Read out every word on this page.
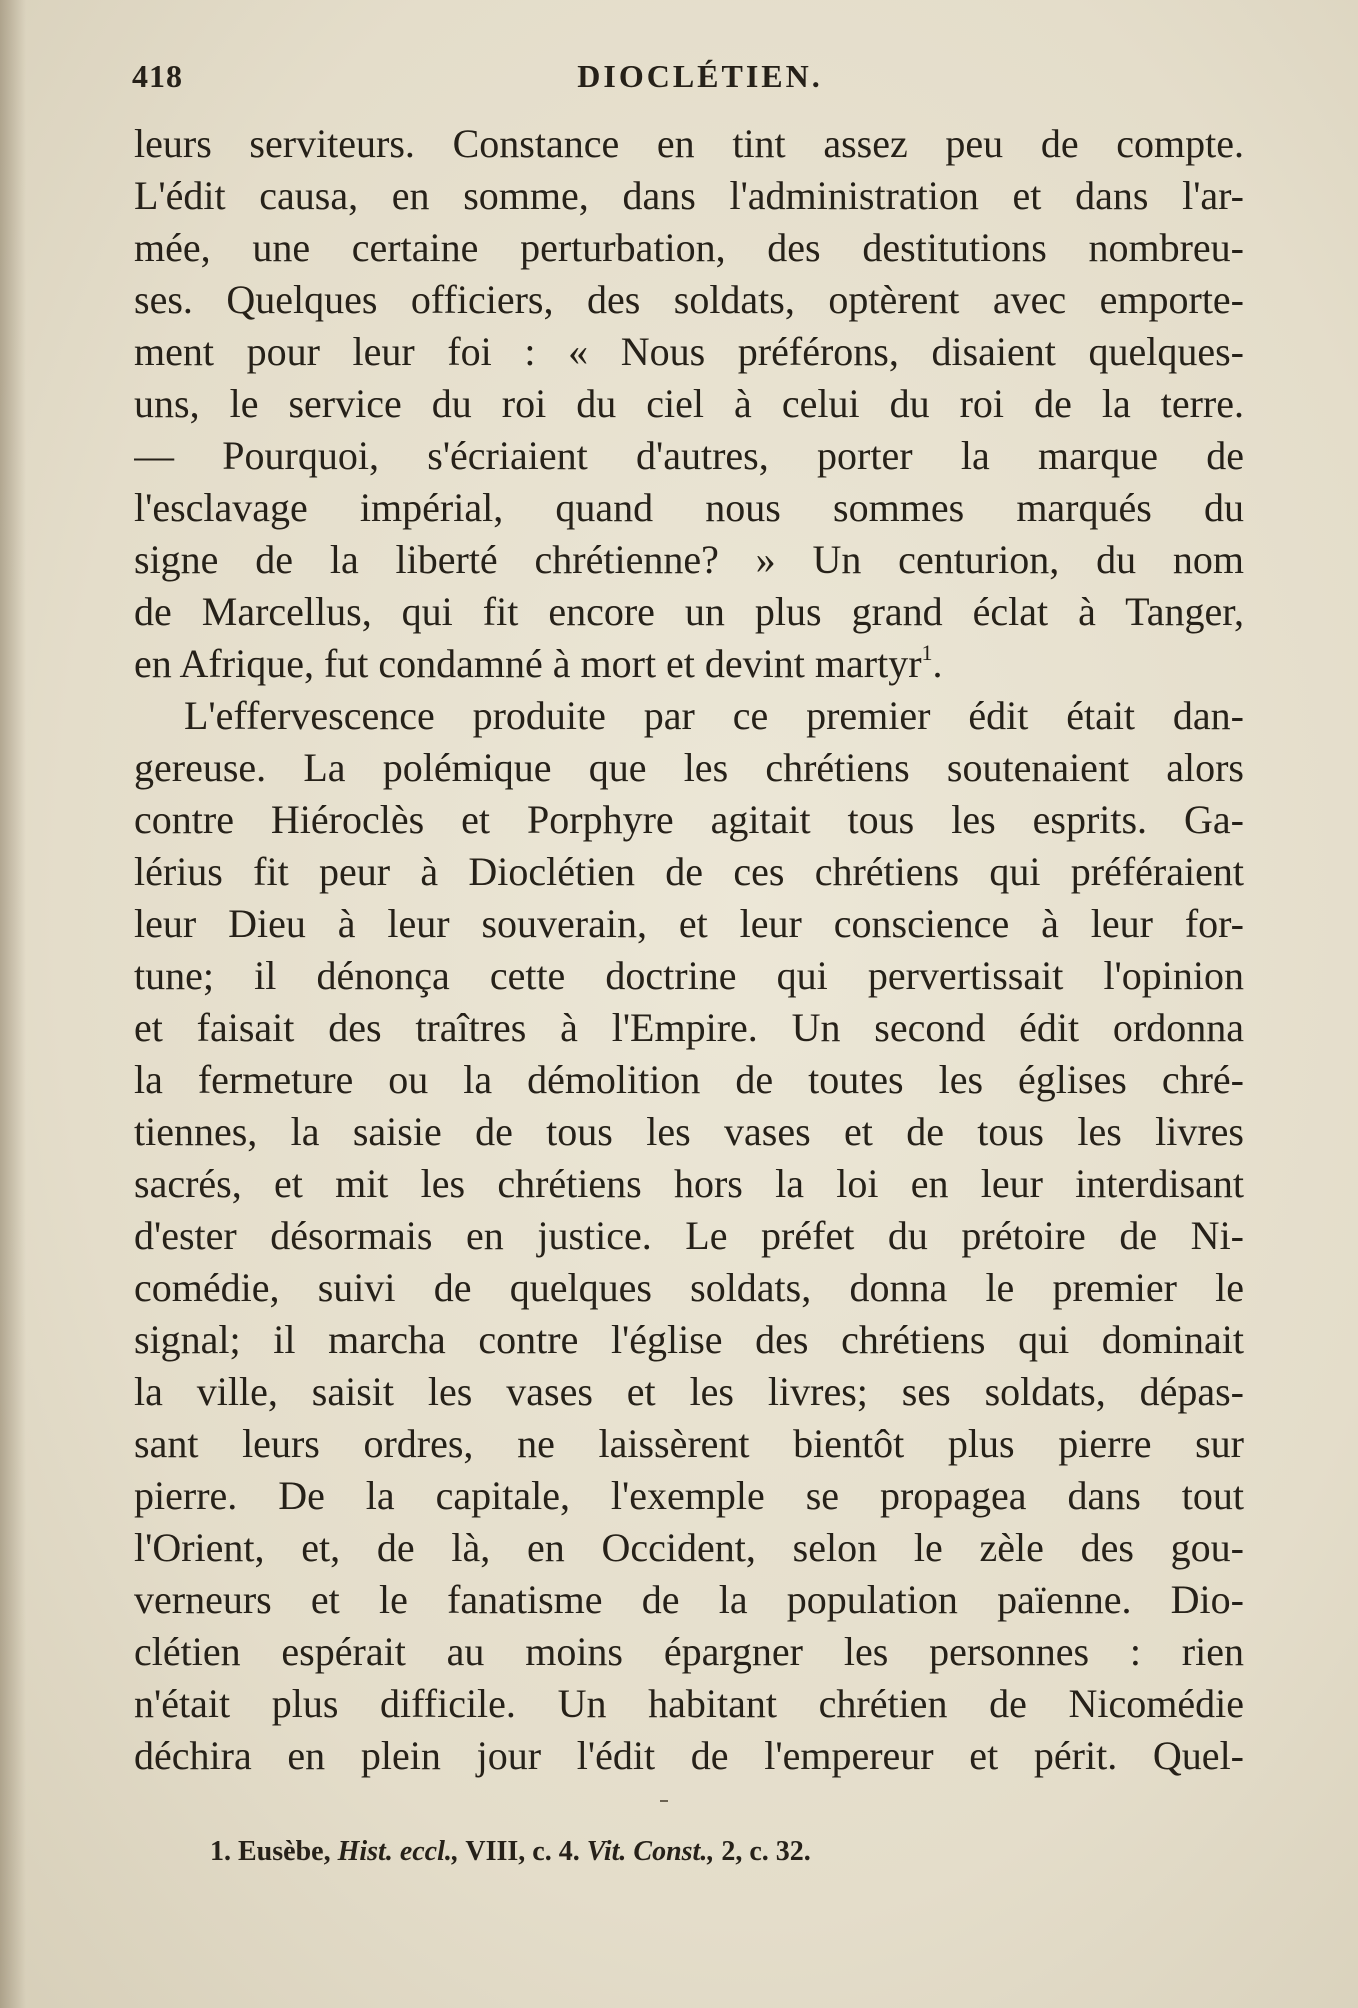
418	DIOCLÉTIEN.
leurs serviteurs. Constance en tint assez peu de compte.
L'édit causa, en somme, dans l'administration et dans l'ar-
mée, une certaine perturbation, des destitutions nombreu-
ses. Quelques officiers, des soldats, optèrent avec emporte-
ment pour leur foi : « Nous préférons, disaient quelques-
uns, le service du roi du ciel à celui du roi de la terre.
— Pourquoi, s'écriaient d'autres, porter la marque de
l'esclavage impérial, quand nous sommes marqués du
signe de la liberté chrétienne? » Un centurion, du nom
de Marcellus, qui fit encore un plus grand éclat à Tanger,
en Afrique, fut condamné à mort et devint martyr$^1$.
L'effervescence produite par ce premier édit était dan-
gereuse. La polémique que les chrétiens soutenaient alors
contre Hiéroclès et Porphyre agitait tous les esprits. Ga-
lérius fit peur à Dioclétien de ces chrétiens qui préféraient
leur Dieu à leur souverain, et leur conscience à leur for-
tune; il dénonça cette doctrine qui pervertissait l'opinion
et faisait des traîtres à l'Empire. Un second édit ordonna
la fermeture ou la démolition de toutes les églises chré-
tiennes, la saisie de tous les vases et de tous les livres
sacrés, et mit les chrétiens hors la loi en leur interdisant
d'ester désormais en justice. Le préfet du prétoire de Ni-
comédie, suivi de quelques soldats, donna le premier le
signal; il marcha contre l'église des chrétiens qui dominait
la ville, saisit les vases et les livres; ses soldats, dépas-
sant leurs ordres, ne laissèrent bientôt plus pierre sur
pierre. De la capitale, l'exemple se propagea dans tout
l'Orient, et, de là, en Occident, selon le zèle des gou-
verneurs et le fanatisme de la population païenne. Dio-
clétien espérait au moins épargner les personnes : rien
n'était plus difficile. Un habitant chrétien de Nicomédie
déchira en plein jour l'édit de l'empereur et périt. Quel-
1. Eusèbe, Hist. eccl., VIII, c. 4. Vit. Const., 2, c. 32.
